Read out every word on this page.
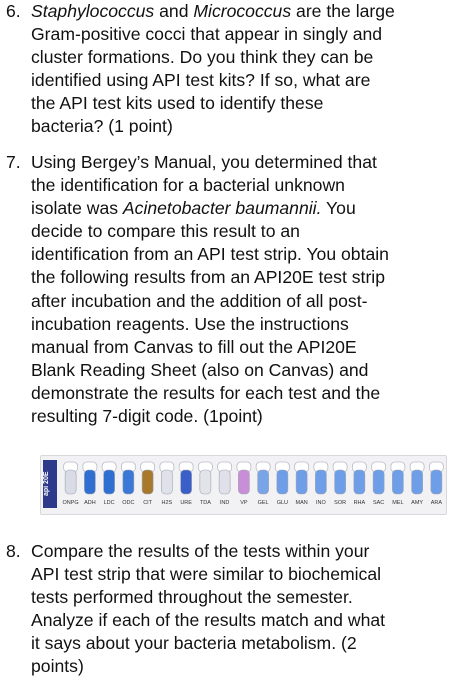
6. Staphylococcus and Micrococcus are the large
Gram-positive cocci that appear in singly and
cluster formations. Do you think they can be
identified using API test kits? If so, what are
the API test kits used to identify these
bacteria? (1 point)
7. Using Bergey’s Manual, you determined that
the identification for a bacterial unknown
isolate was Acinetobacter baumannii. You
decide to compare this result to an
identification from an API test strip. You obtain
the following results from an API20E test strip
after incubation and the addition of all post-
incubation reagents. Use the instructions
manual from Canvas to fill out the API20E
Blank Reading Sheet (also on Canvas) and
demonstrate the results for each test and the
resulting 7-digit code. (1point)
api 20E
ONPG ADH	LDC	ODC	CIT	H2S	URE	TDA	IND	VP	GEL	GLU	MAN	INO	SOR	RHA	SAC	MEL	AMY	ARA
8. Compare the results of the tests within your
API test strip that were similar to biochemical
tests performed throughout the semester.
Analyze if each of the results match and what
it says about your bacteria metabolism. (2
points)
